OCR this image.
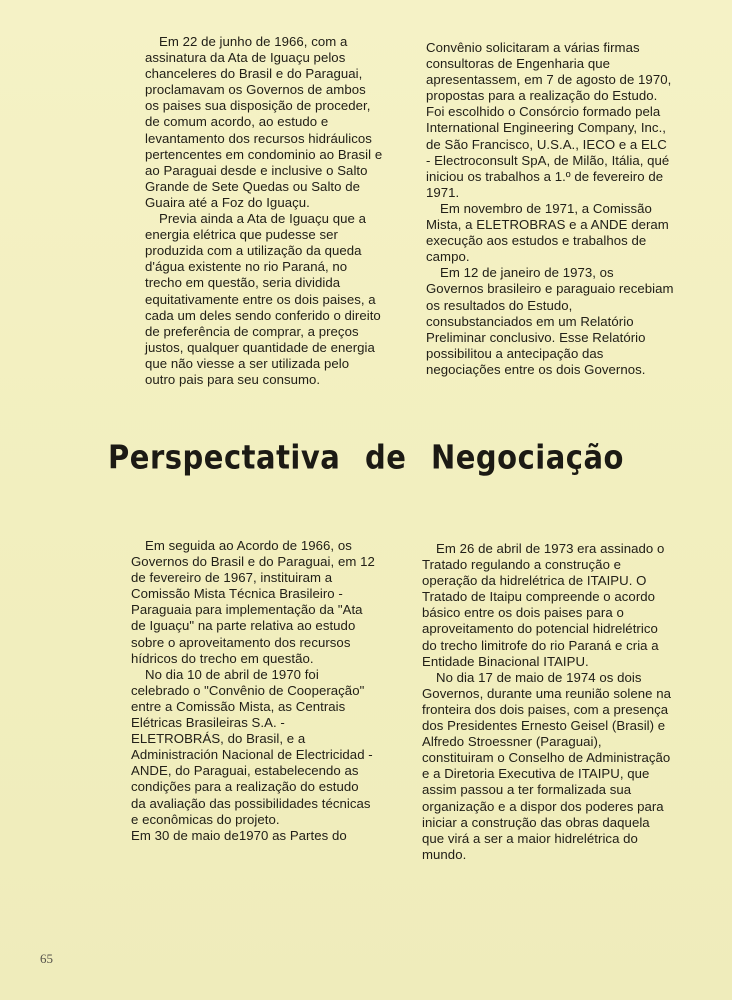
Em 22 de junho de 1966, com a assinatura da Ata de Iguaçu pelos chanceleres do Brasil e do Paraguai, proclamavam os Governos de ambos os paises sua disposição de proceder, de comum acordo, ao estudo e levantamento dos recursos hidráulicos pertencentes em condominio ao Brasil e ao Paraguai desde e inclusive o Salto Grande de Sete Quedas ou Salto de Guaira até a Foz do Iguaçu.

Previa ainda a Ata de Iguaçu que a energia elétrica que pudesse ser produzida com a utilização da queda d'água existente no rio Paraná, no trecho em questão, seria dividida equitativamente entre os dois paises, a cada um deles sendo conferido o direito de preferência de comprar, a preços justos, qualquer quantidade de energia que não viesse a ser utilizada pelo outro pais para seu consumo.

Convênio solicitaram a várias firmas consultoras de Engenharia que apresentassem, em 7 de agosto de 1970, propostas para a realização do Estudo. Foi escolhido o Consórcio formado pela International Engineering Company, Inc., de São Francisco, U.S.A., IECO e a ELC - Electroconsult SpA, de Milão, Itália, qué iniciou os trabalhos a 1.º de fevereiro de 1971.

Em novembro de 1971, a Comissão Mista, a ELETROBRAS e a ANDE deram execução aos estudos e trabalhos de campo.

Em 12 de janeiro de 1973, os Governos brasileiro e paraguaio recebiam os resultados do Estudo, consubstanciados em um Relatório Preliminar conclusivo. Esse Relatório possibilitou a antecipação das negociações entre os dois Governos.

Perspectativa de Negociação

Em seguida ao Acordo de 1966, os Governos do Brasil e do Paraguai, em 12 de fevereiro de 1967, instituiram a Comissão Mista Técnica Brasileiro -Paraguaia para implementação da "Ata de Iguaçu" na parte relativa ao estudo sobre o aproveitamento dos recursos hídricos do trecho em questão.

No dia 10 de abril de 1970 foi celebrado o "Convênio de Cooperação" entre a Comissão Mista, as Centrais Elétricas Brasileiras S.A. - ELETROBRÁS, do Brasil, e a Administración Nacional de Electricidad - ANDE, do Paraguai, estabelecendo as condições para a realização do estudo da avaliação das possibilidades técnicas e econômicas do projeto.

Em 30 de maio de1970 as Partes do

Em 26 de abril de 1973 era assinado o Tratado regulando a construção e operação da hidrelétrica de ITAIPU. O Tratado de Itaipu compreende o acordo básico entre os dois paises para o aproveitamento do potencial hidrelétrico do trecho limitrofe do rio Paraná e cria a Entidade Binacional ITAIPU.

No dia 17 de maio de 1974 os dois Governos, durante uma reunião solene na fronteira dos dois paises, com a presença dos Presidentes Ernesto Geisel (Brasil) e Alfredo Stroessner (Paraguai), constituiram o Conselho de Administração e a Diretoria Executiva de ITAIPU, que assim passou a ter formalizada sua organização e a dispor dos poderes para iniciar a construção das obras daquela que virá a ser a maior hidrelétrica do mundo.

65
